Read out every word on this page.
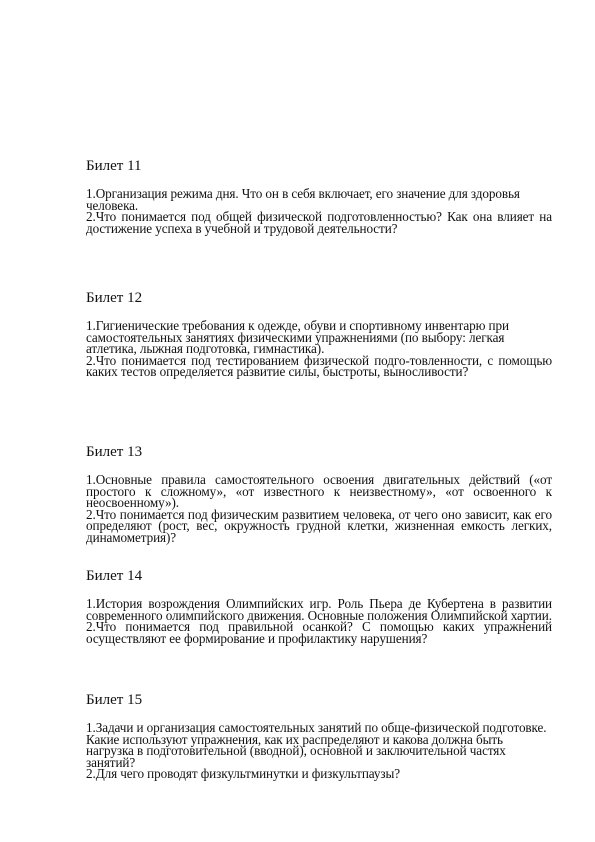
Билет 11

1.Организация режима дня. Что он в себя включает, его значение для здоровья человека.

2.Что понимается под общей физической подготовленностью? Как она влияет на достижение успеха в учебной и трудовой деятельности?

Билет 12

1.Гигиенические требования к одежде, обуви и спортивному инвентарю при самостоятельных занятиях физическими упражнениями (по выбору: легкая атлетика, лыжная подготовка, гимнастика).

2.Что понимается под тестированием физической подго-товленности, с помощью каких тестов определяется развитие силы, быстроты, выносливости?

Билет 13

1.Основные правила самостоятельного освоения двигательных действий («от простого к сложному», «от известного к неизвестному», «от освоенного к неосвоенному»).

2.Что понимается под физическим развитием человека, от чего оно зависит, как его определяют (рост, вес, окружность грудной клетки, жизненная емкость легких, динамометрия)?

Билет 14

1.История возрождения Олимпийских игр. Роль Пьера де Кубертена в развитии современного олимпийского движения. Основные положения Олимпийской хартии.

2.Что понимается под правильной осанкой? С помощью каких упражнений осуществляют ее формирование и профилактику нарушения?

Билет 15

1.Задачи и организация самостоятельных занятий по обще-физической подготовке. Какие используют упражнения, как их распределяют и какова должна быть нагрузка в подготовительной (вводной), основной и заключительной частях занятий?

2.Для чего проводят физкультминутки и физкультпаузы?
